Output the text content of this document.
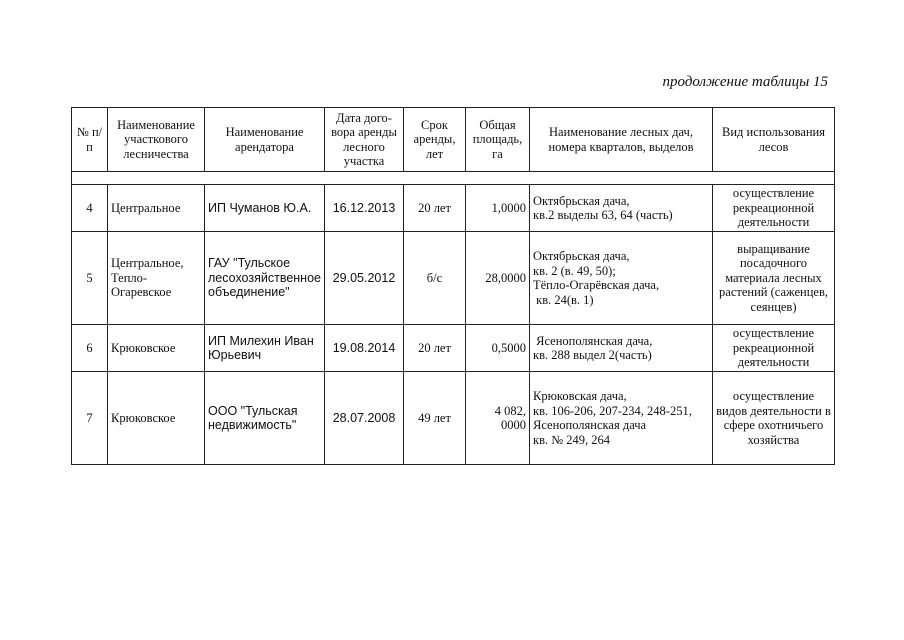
продолжение таблицы 15
№ п/п	Наименование участкового лесничества	Наименование арендатора	Дата дого-вора аренды лесного участка	Срок аренды, лет	Общая площадь, га	Наименование лесных дач, номера кварталов, выделов	Вид использования лесов

4	Центральное	ИП Чуманов Ю.А.	16.12.2013	20 лет	1,0000	Октябрьская дача,
кв.2 выделы 63, 64 (часть)	осуществление рекреационной деятельности
5	Центральное, Тепло-Огаревское	ГАУ "Тульское лесохозяйственное объединение"	29.05.2012	б/с	28,0000	Октябрьская дача,
кв. 2 (в. 49, 50);
Тёпло-Огарёвская дача,
кв. 24(в. 1)	выращивание посадочного материала лесных растений (саженцев, сеянцев)
6	Крюковское	ИП Милехин Иван Юрьевич	19.08.2014	20 лет	0,5000	Ясенополянская дача,
кв. 288 выдел 2(часть)	осуществление рекреационной деятельности
7	Крюковское	ООО "Тульская недвижимость"	28.07.2008	49 лет	4 082, 0000	Крюковская дача,
кв. 106-206, 207-234, 248-251,
Ясенополянская дача
кв. № 249, 264	осуществление видов деятельности в сфере охотничьего хозяйства
